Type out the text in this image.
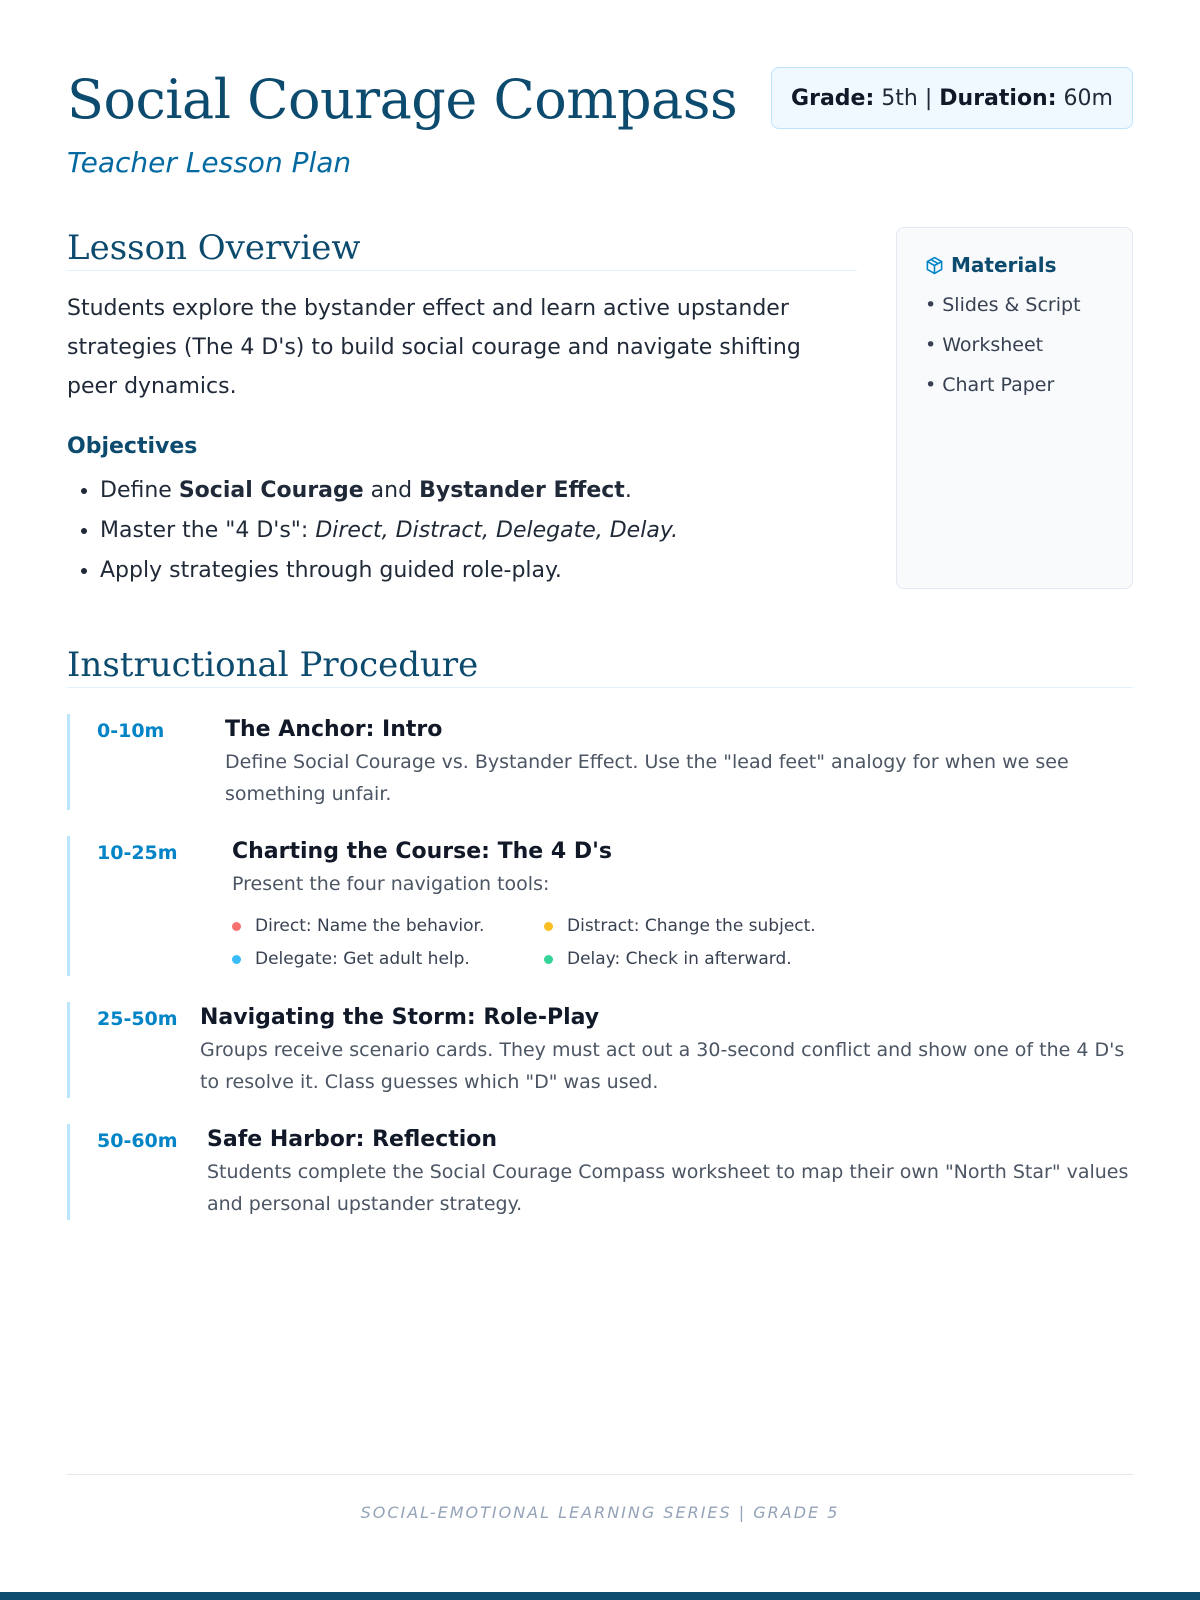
Social Courage Compass
Teacher Lesson Plan
Grade:
5th
|
Duration:
60m
Lesson Overview

Students explore the bystander effect and learn active upstander strategies (The 4 D's) to build social courage and navigate shifting peer dynamics.

Objectives
• Define Social Courage and Bystander Effect.
• Master the "4 D's": Direct, Distract, Delegate, Delay.
• Apply strategies through guided role-play.
Materials
• Slides & Script
• Worksheet
• Chart Paper
Instructional Procedure
0-10m	The Anchor: Intro

Define Social Courage vs. Bystander Effect. Use the "lead feet" analogy for when we see something unfair.

10-25m	Charting the Course: The 4 D's

Present the four navigation tools:

Direct: Name the behavior.	Distract: Change the subject.
Delegate: Get adult help.	Delay: Check in afterward.
25-50m	Navigating the Storm: Role-Play

Groups receive scenario cards. They must act out a 30-second conflict and show one of the 4 D's to resolve it. Class guesses which "D" was used.

50-60m	Safe Harbor: Reflection

Students complete the Social Courage Compass worksheet to map their own "North Star" values and personal upstander strategy.

SOCIAL-EMOTIONAL LEARNING SERIES | GRADE 5
